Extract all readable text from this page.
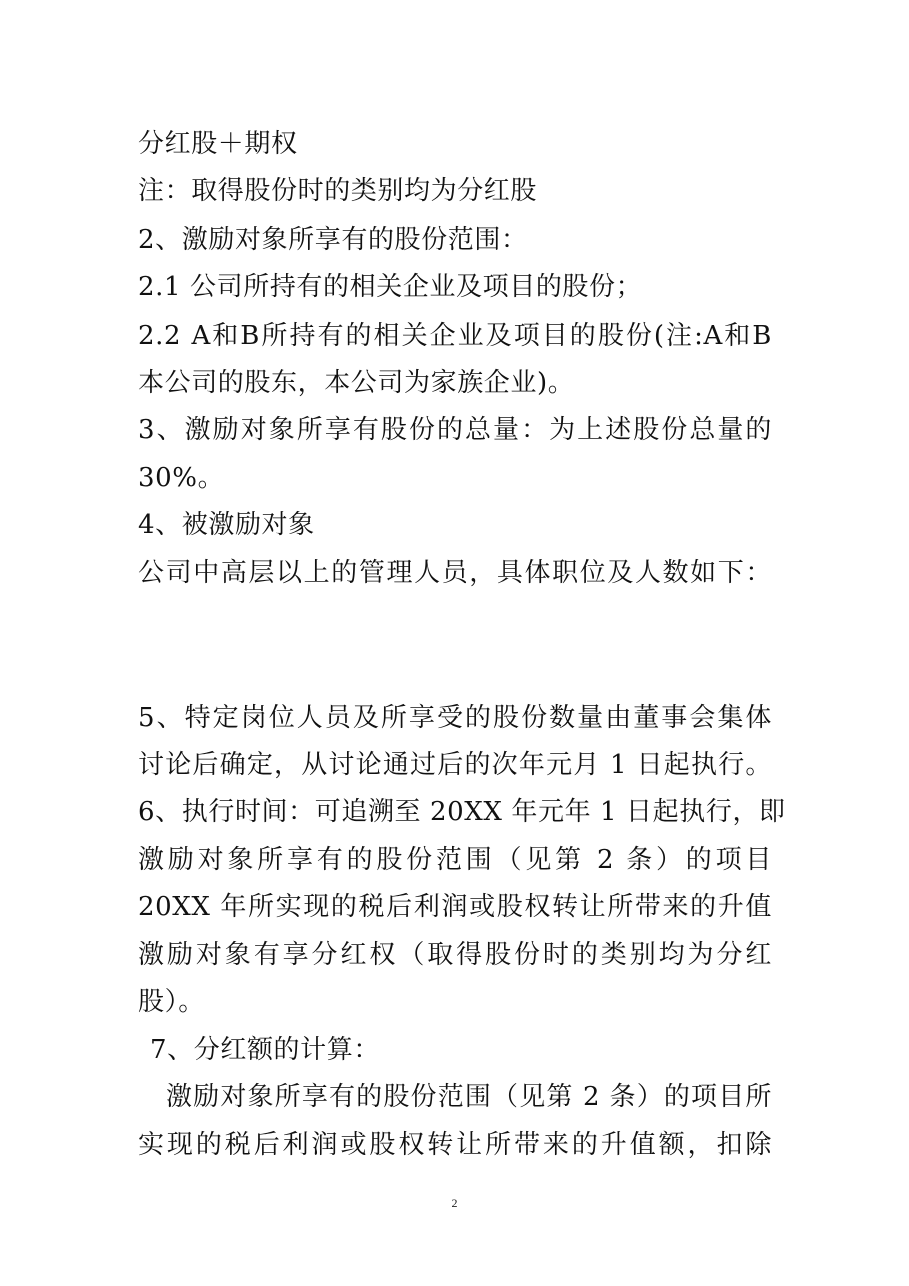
分红股＋期权
注：取得股份时的类别均为分红股
2、激励对象所享有的股份范围：
2.1 公司所持有的相关企业及项目的股份；
2.2 A和B所持有的相关企业及项目的股份(注:A和B
本公司的股东，本公司为家族企业)。
3、激励对象所享有股份的总量：为上述股份总量的
30%。
4、被激励对象
公司中高层以上的管理人员，具体职位及人数如下：
5、特定岗位人员及所享受的股份数量由董事会集体
讨论后确定，从讨论通过后的次年元月 1 日起执行。
6、执行时间：可追溯至 20XX 年元年 1 日起执行，即
激励对象所享有的股份范围（见第 2 条）的项目
20XX 年所实现的税后利润或股权转让所带来的升值
激励对象有享分红权（取得股份时的类别均为分红
股）。
7、分红额的计算：
激励对象所享有的股份范围（见第 2 条）的项目所
实现的税后利润或股权转让所带来的升值额，扣除
2
